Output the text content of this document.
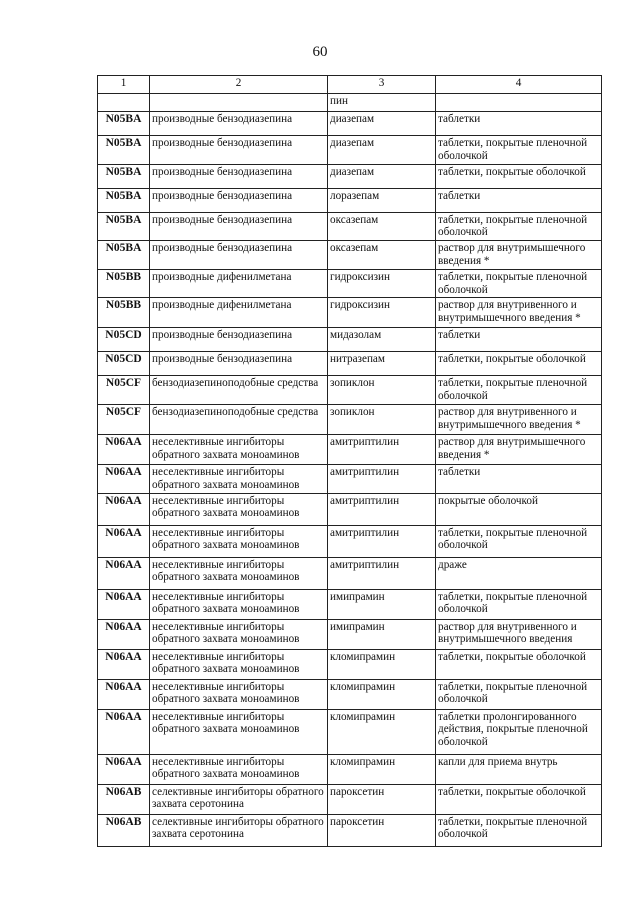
60
1	2	3	4
		пин	
N05BA	производные бензодиазепина	диазепам	таблетки
N05BA	производные бензодиазепина	диазепам	таблетки, покрытые пленочной оболочкой
N05BA	производные бензодиазепина	диазепам	таблетки, покрытые оболочкой
N05BA	производные бензодиазепина	лоразепам	таблетки
N05BA	производные бензодиазепина	оксазепам	таблетки, покрытые пленочной оболочкой
N05BA	производные бензодиазепина	оксазепам	раствор для внутримышечного введения *
N05BB	производные дифенилметана	гидроксизин	таблетки, покрытые пленочной оболочкой
N05BB	производные дифенилметана	гидроксизин	раствор для внутривенного и внутримышечного введения *
N05CD	производные бензодиазепина	мидазолам	таблетки
N05CD	производные бензодиазепина	нитразепам	таблетки, покрытые оболочкой
N05CF	бензодиазепиноподобные средства	зопиклон	таблетки, покрытые пленочной оболочкой
N05CF	бензодиазепиноподобные средства	зопиклон	раствор для внутривенного и внутримышечного введения *
N06AA	неселективные ингибиторы обратного захвата моноаминов	амитриптилин	раствор для внутримышечного введения *
N06AA	неселективные ингибиторы обратного захвата моноаминов	амитриптилин	таблетки
N06AA	неселективные ингибиторы обратного захвата моноаминов	амитриптилин	покрытые оболочкой
N06AA	неселективные ингибиторы обратного захвата моноаминов	амитриптилин	таблетки, покрытые пленочной оболочкой
N06AA	неселективные ингибиторы обратного захвата моноаминов	амитриптилин	драже
N06AA	неселективные ингибиторы обратного захвата моноаминов	имипрамин	таблетки, покрытые пленочной оболочкой
N06AA	неселективные ингибиторы обратного захвата моноаминов	имипрамин	раствор для внутривенного и внутримышечного введения
N06AA	неселективные ингибиторы обратного захвата моноаминов	кломипрамин	таблетки, покрытые оболочкой
N06AA	неселективные ингибиторы обратного захвата моноаминов	кломипрамин	таблетки, покрытые пленочной оболочкой
N06AA	неселективные ингибиторы обратного захвата моноаминов	кломипрамин	таблетки пролонгированного действия, покрытые пленочной оболочкой
N06AA	неселективные ингибиторы обратного захвата моноаминов	кломипрамин	капли для приема внутрь
N06AB	селективные ингибиторы обратного захвата серотонина	пароксетин	таблетки, покрытые оболочкой
N06AB	селективные ингибиторы обратного захвата серотонина	пароксетин	таблетки, покрытые пленочной оболочкой
